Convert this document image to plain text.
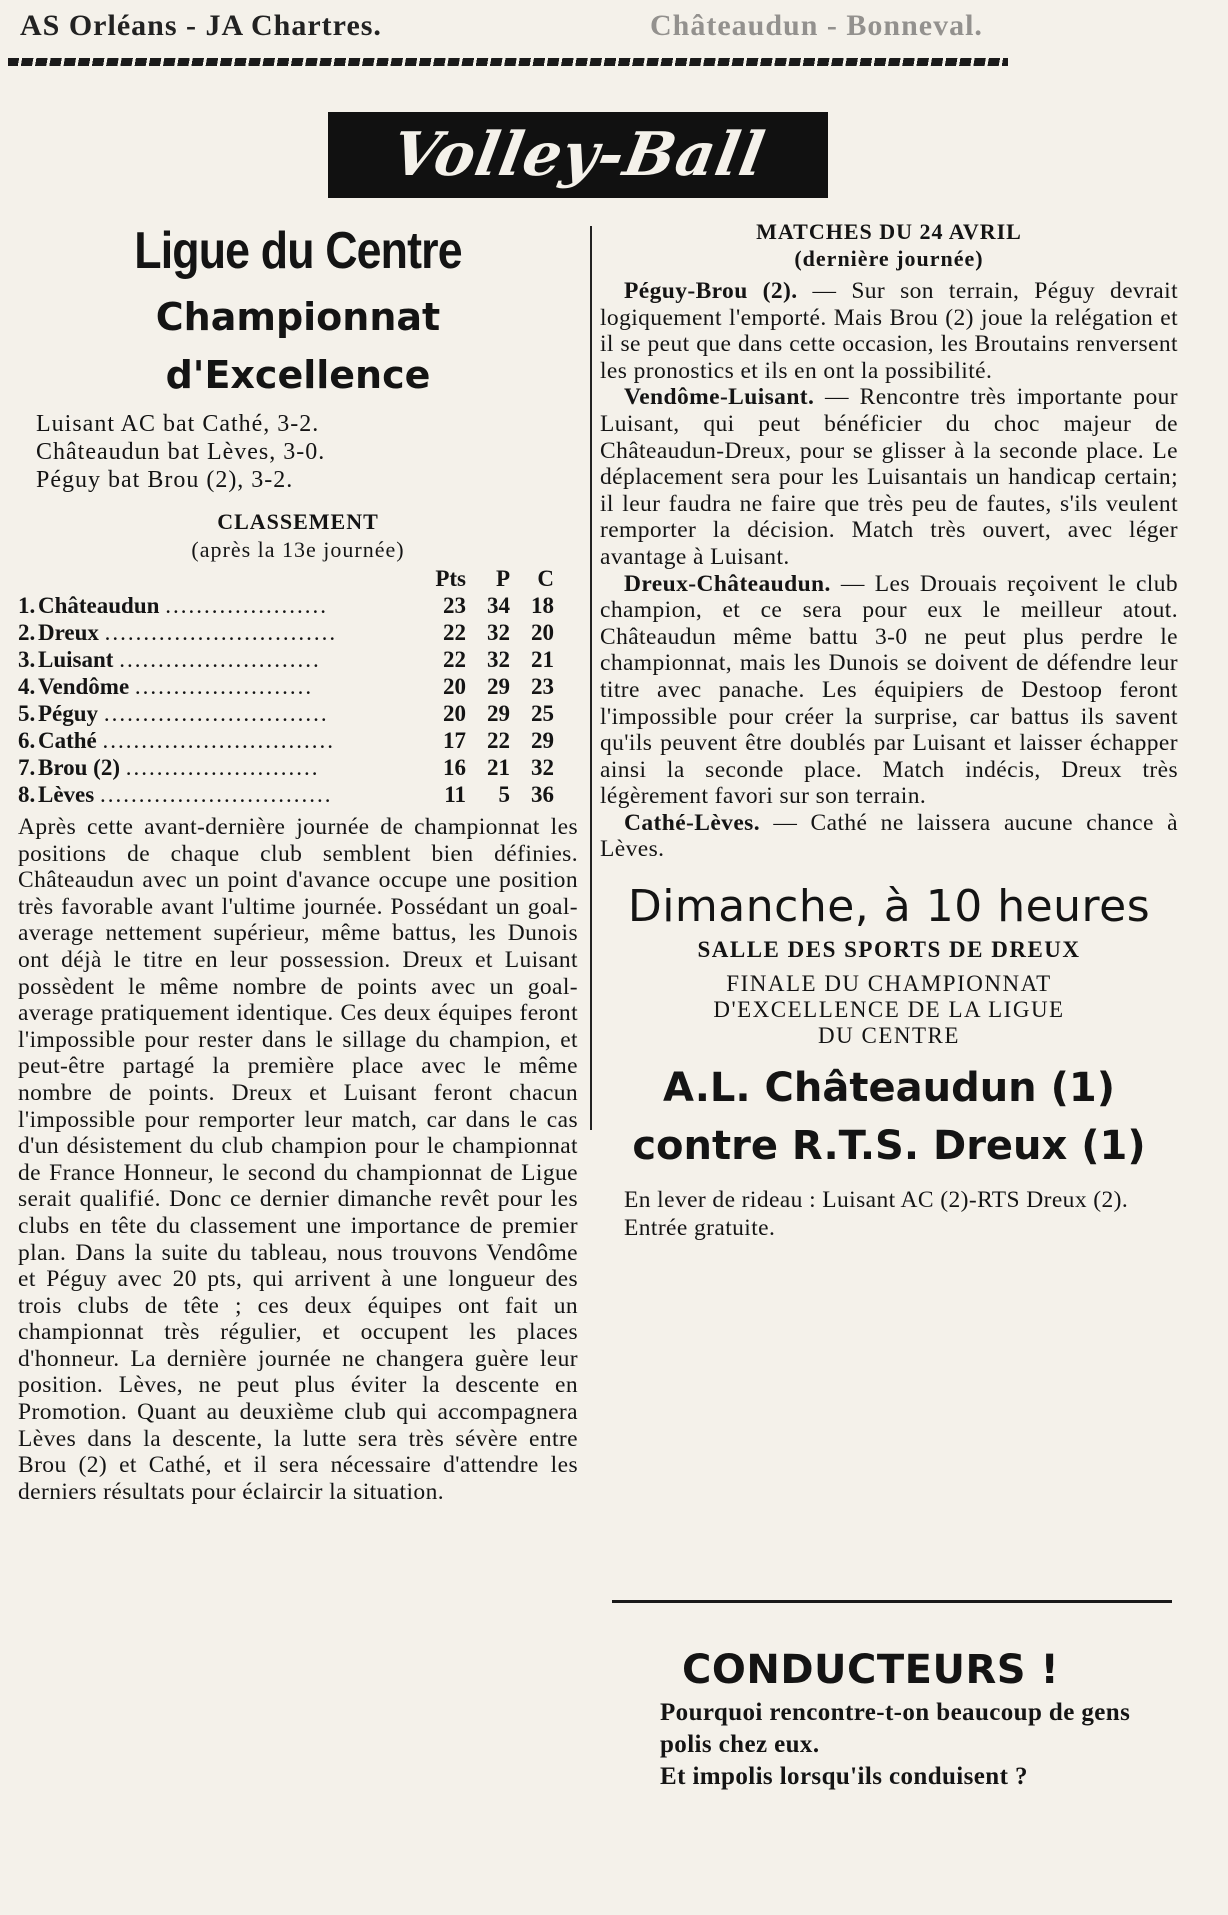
AS Orléans - JA Chartres.	Châteaudun - Bonneval.
Volley-Ball
Ligue du Centre
Championnat
d'Excellence
Luisant AC bat Cathé, 3-2.
Châteaudun bat Lèves, 3-0.
Péguy bat Brou (2), 3-2.
CLASSEMENT
(après la 13e journée)
		Pts	P	C
1.	Châteaudun .....................	23	34	18
2.	Dreux ..............................	22	32	20
3.	Luisant ..........................	22	32	21
4.	Vendôme .......................	20	29	23
5.	Péguy .............................	20	29	25
6.	Cathé ..............................	17	22	29
7.	Brou (2) .........................	16	21	32
8.	Lèves ..............................	11	5	36
Après cette avant-dernière journée de championnat les positions de chaque club semblent bien définies. Châteaudun avec un point d'avance occupe une position très favorable avant l'ultime journée. Possédant un goal-average nettement supérieur, même battus, les Dunois ont déjà le titre en leur possession. Dreux et Luisant possèdent le même nombre de points avec un goal-average pratiquement identique. Ces deux équipes feront l'impossible pour rester dans le sillage du champion, et peut-être partagé la première place avec le même nombre de points. Dreux et Luisant feront chacun l'impossible pour remporter leur match, car dans le cas d'un désistement du club champion pour le championnat de France Honneur, le second du championnat de Ligue serait qualifié. Donc ce dernier dimanche revêt pour les clubs en tête du classement une importance de premier plan. Dans la suite du tableau, nous trouvons Vendôme et Péguy avec 20 pts, qui arrivent à une longueur des trois clubs de tête ; ces deux équipes ont fait un championnat très régulier, et occupent les places d'honneur. La dernière journée ne changera guère leur position. Lèves, ne peut plus éviter la descente en Promotion. Quant au deuxième club qui accompagnera Lèves dans la descente, la lutte sera très sévère entre Brou (2) et Cathé, et il sera nécessaire d'attendre les derniers résultats pour éclaircir la situation.
MATCHES DU 24 AVRIL
(dernière journée)

Péguy-Brou (2). — Sur son terrain, Péguy devrait logiquement l'emporté. Mais Brou (2) joue la relégation et il se peut que dans cette occasion, les Broutains renversent les pronostics et ils en ont la possibilité.

Vendôme-Luisant. — Rencontre très importante pour Luisant, qui peut bénéficier du choc majeur de Châteaudun-Dreux, pour se glisser à la seconde place. Le déplacement sera pour les Luisantais un handicap certain; il leur faudra ne faire que très peu de fautes, s'ils veulent remporter la décision. Match très ouvert, avec léger avantage à Luisant.

Dreux-Châteaudun. — Les Drouais reçoivent le club champion, et ce sera pour eux le meilleur atout. Châteaudun même battu 3-0 ne peut plus perdre le championnat, mais les Dunois se doivent de défendre leur titre avec panache. Les équipiers de Destoop feront l'impossible pour créer la surprise, car battus ils savent qu'ils peuvent être doublés par Luisant et laisser échapper ainsi la seconde place. Match indécis, Dreux très légèrement favori sur son terrain.

Cathé-Lèves. — Cathé ne laissera aucune chance à Lèves.

Dimanche, à 10 heures
SALLE DES SPORTS DE DREUX
FINALE DU CHAMPIONNAT
D'EXCELLENCE DE LA LIGUE
DU CENTRE
A.L. Châteaudun (1)
contre R.T.S. Dreux (1)
En lever de rideau : Luisant AC (2)-RTS Dreux (2).
Entrée gratuite.
CONDUCTEURS !
Pourquoi rencontre-t-on beaucoup de gens polis chez eux.
Et impolis lorsqu'ils conduisent ?
